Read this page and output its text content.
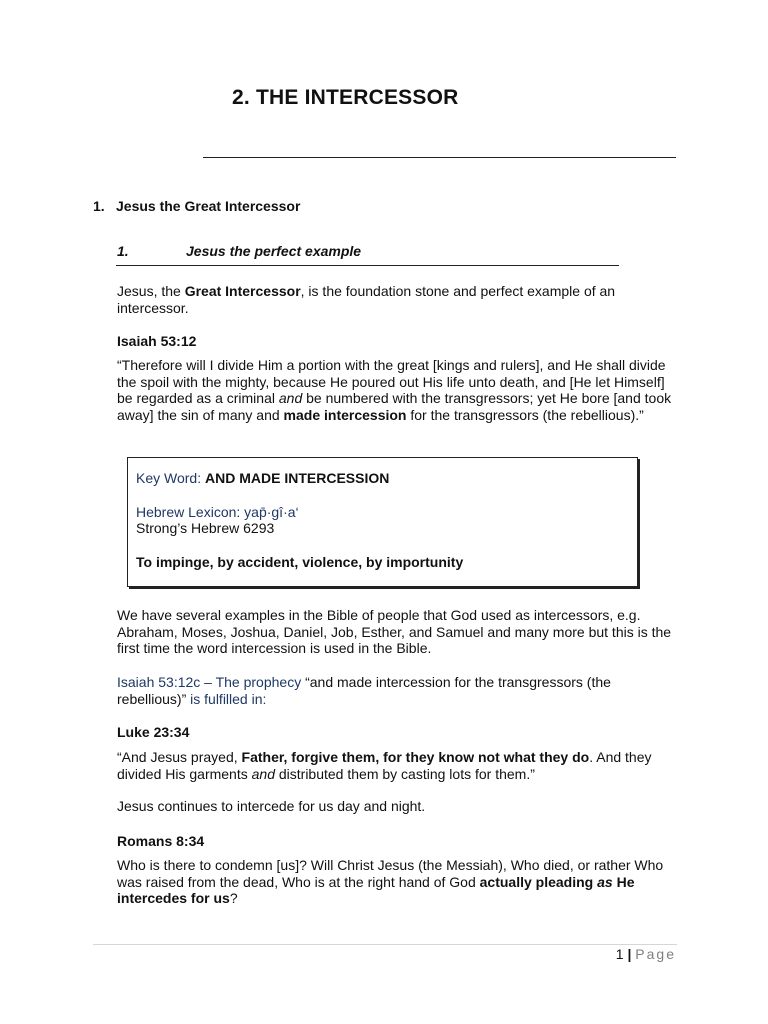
2. THE INTERCESSOR
1. Jesus the Great Intercessor
1.	Jesus the perfect example
Jesus, the Great Intercessor, is the foundation stone and perfect example of an intercessor.
Isaiah 53:12
“Therefore will I divide Him a portion with the great [kings and rulers], and He shall divide the spoil with the mighty, because He poured out His life unto death, and [He let Himself] be regarded as a criminal and be numbered with the transgressors; yet He bore [and took away] the sin of many and made intercession for the transgressors (the rebellious).”
Key Word: AND MADE INTERCESSION
Hebrew Lexicon: yap̄·gî·a‘
Strong’s Hebrew 6293
To impinge, by accident, violence, by importunity
We have several examples in the Bible of people that God used as intercessors, e.g. Abraham, Moses, Joshua, Daniel, Job, Esther, and Samuel and many more but this is the first time the word intercession is used in the Bible.
Isaiah 53:12c – The prophecy “and made intercession for the transgressors (the rebellious)” is fulfilled in:
Luke 23:34
“And Jesus prayed, Father, forgive them, for they know not what they do. And they divided His garments and distributed them by casting lots for them.”
Jesus continues to intercede for us day and night.
Romans 8:34
Who is there to condemn [us]? Will Christ Jesus (the Messiah), Who died, or rather Who was raised from the dead, Who is at the right hand of God actually pleading as He intercedes for us?
1 | Page
